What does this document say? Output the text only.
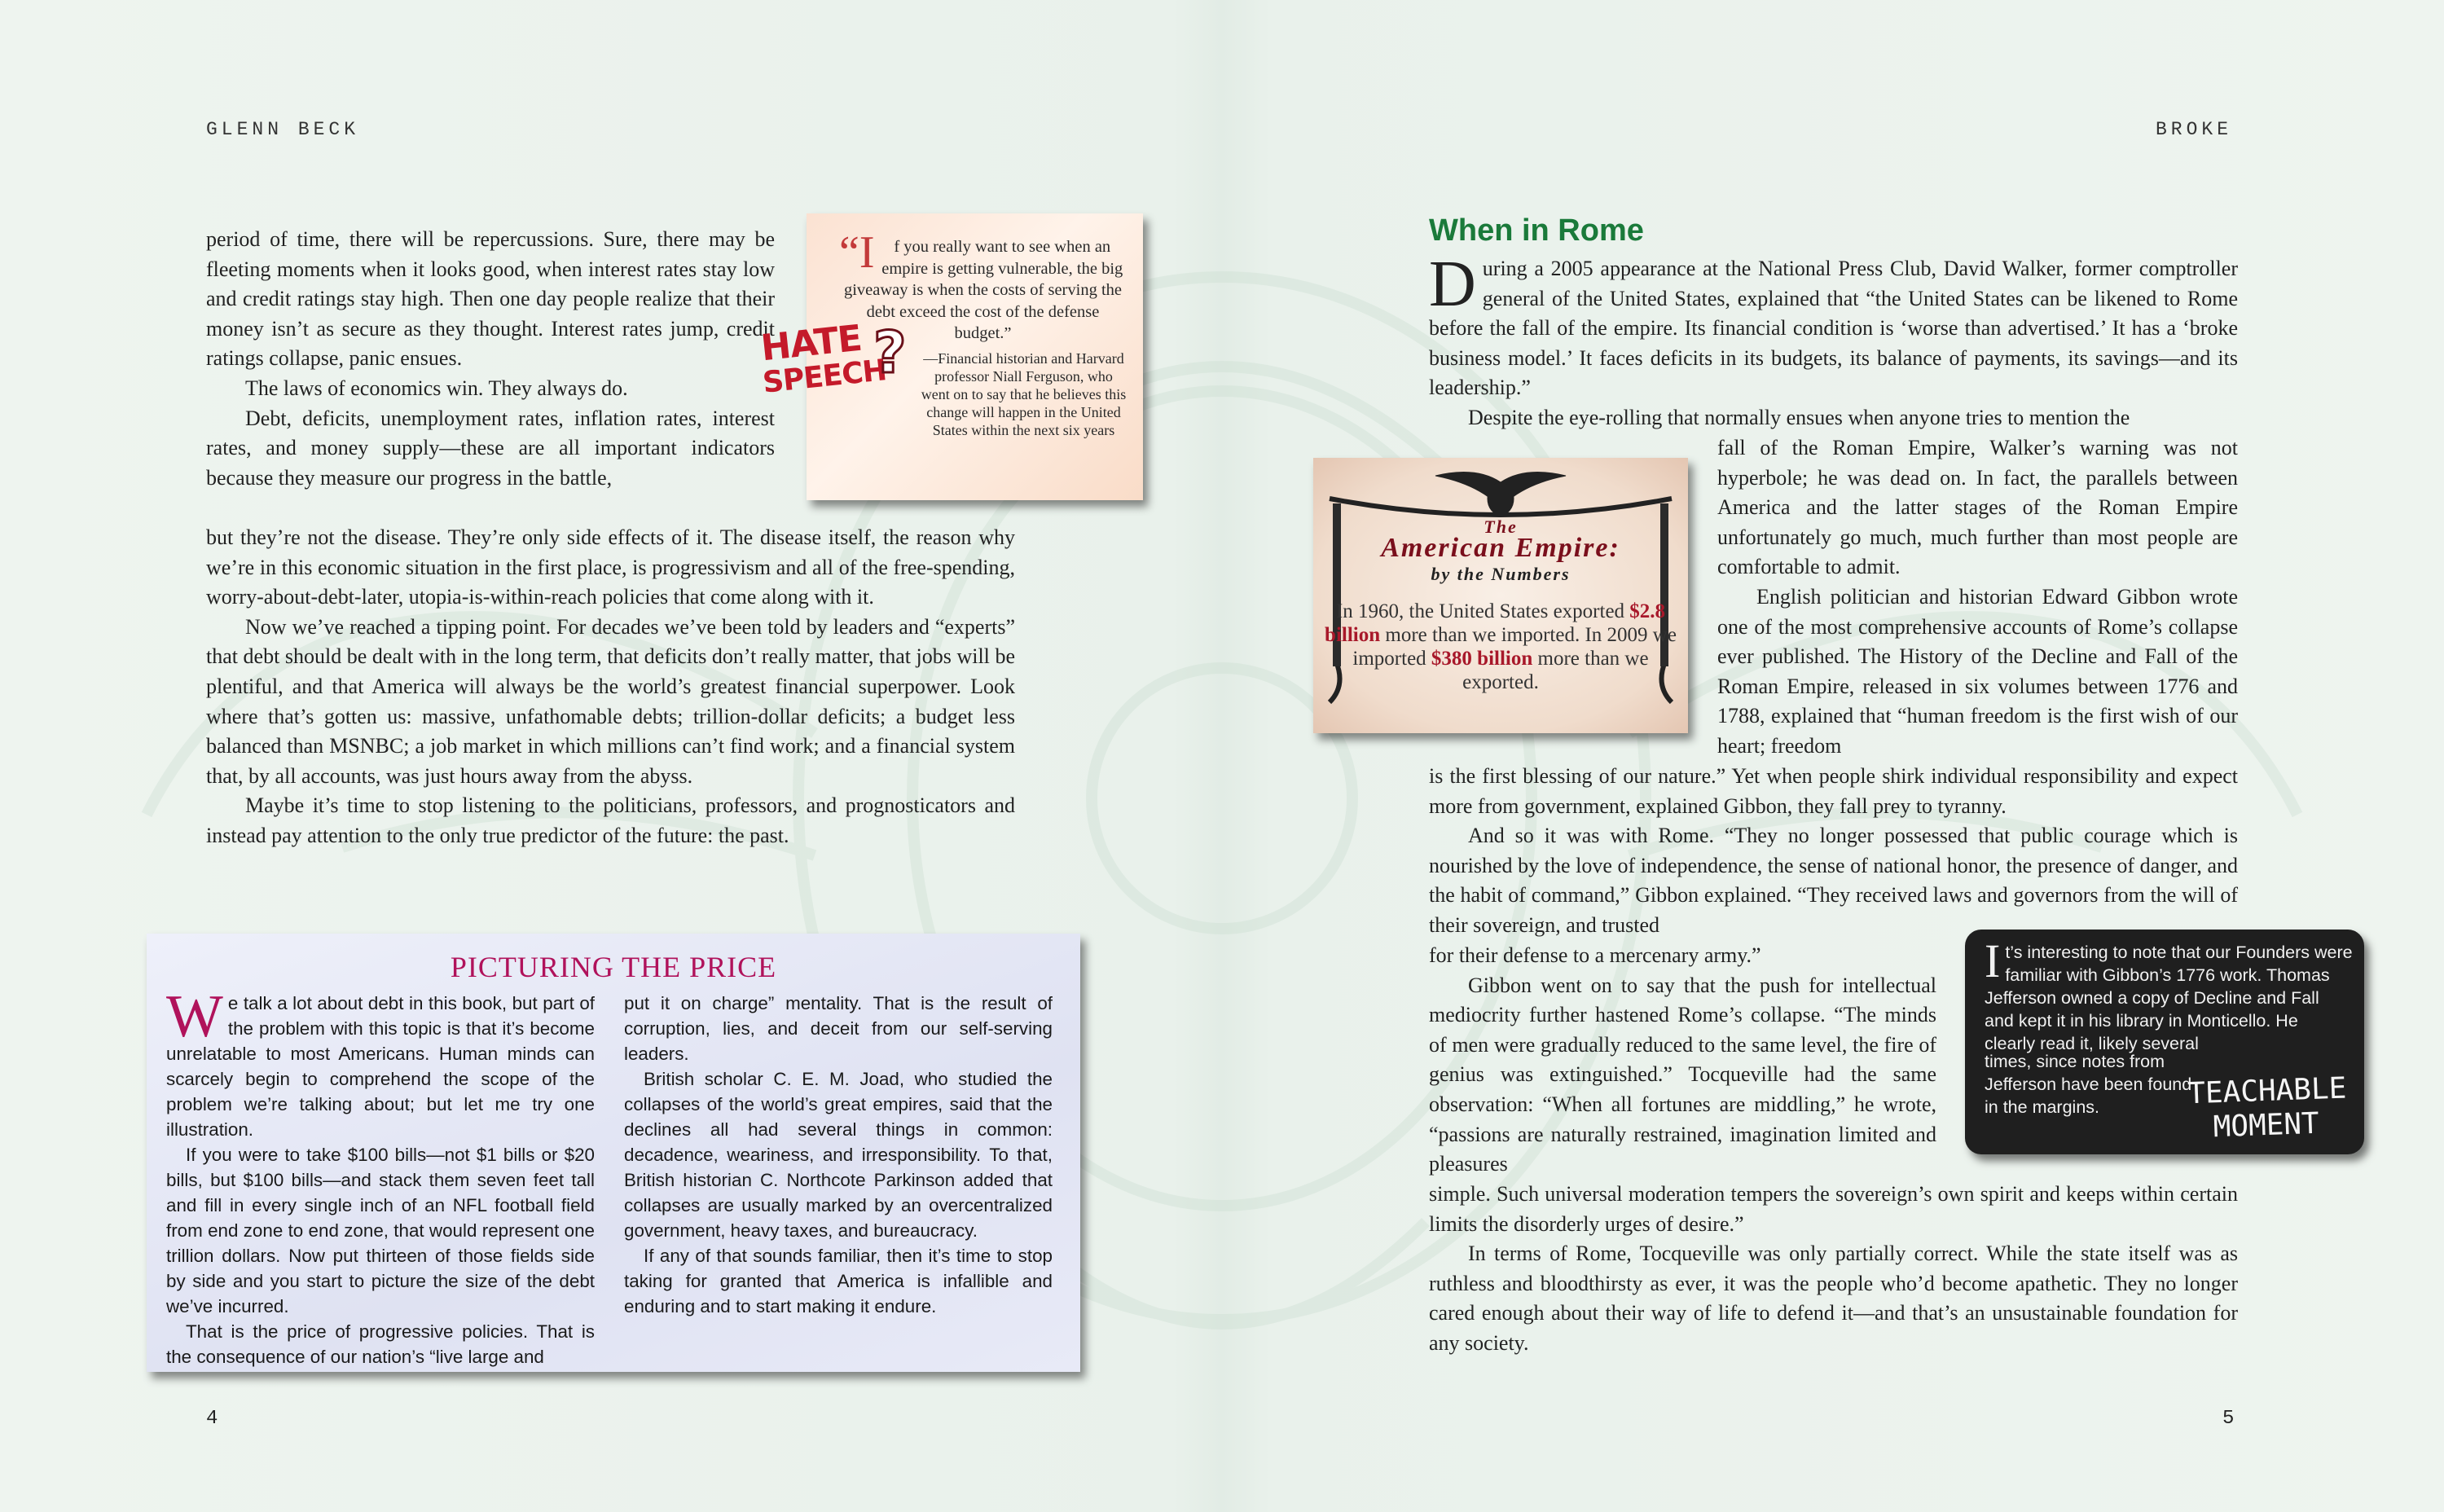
GLENN BECK	BROKE

period of time, there will be repercussions. Sure, there may be fleeting moments when it looks good, when interest rates stay low and credit ratings stay high. Then one day people realize that their money isn’t as secure as they thought. Interest rates jump, credit ratings collapse, panic ensues.

The laws of economics win. They always do.

Debt, deficits, unemployment rates, inflation rates, interest rates, and money supply—these are all important indicators because they measure our progress in the battle,

but they’re not the disease. They’re only side effects of it. The disease itself, the reason why we’re in this economic situation in the first place, is progressivism and all of the free-spending, worry-about-debt-later, utopia-is-within-reach policies that come along with it.

Now we’ve reached a tipping point. For decades we’ve been told by leaders and “experts” that debt should be dealt with in the long term, that deficits don’t really matter, that jobs will be plentiful, and that America will always be the world’s greatest financial superpower. Look where that’s gotten us: massive, unfathomable debts; trillion-dollar deficits; a budget less balanced than MSNBC; a job market in which millions can’t find work; and a financial system that, by all accounts, was just hours away from the abyss.

Maybe it’s time to stop listening to the politicians, professors, and prognosticators and instead pay attention to the only true predictor of the future: the past.

“I f you really want to see when an empire is getting vulnerable, the big giveaway is when the costs of serving the debt exceed the cost of the defense budget.”
—Financial historian and Harvard professor Niall Ferguson, who went on to say that he believes this change will happen in the United States within the next six years
HATE
SPEECH
?
PICTURING THE PRICE

We talk a lot about debt in this book, but part of the problem with this topic is that it’s become unrelatable to most Americans. Human minds can scarcely begin to comprehend the scope of the problem we’re talking about; but let me try one illustration.

If you were to take $100 bills—not $1 bills or $20 bills, but $100 bills—and stack them seven feet tall and fill in every single inch of an NFL football field from end zone to end zone, that would represent one trillion dollars. Now put thirteen of those fields side by side and you start to picture the size of the debt we’ve incurred.

That is the price of progressive policies. That is the consequence of our nation’s “live large and

put it on charge” mentality. That is the result of corruption, lies, and deceit from our self-serving leaders.

British scholar C. E. M. Joad, who studied the collapses of the world’s great empires, said that the declines all had several things in common: decadence, weariness, and irresponsibility. To that, British historian C. Northcote Parkinson added that collapses are usually marked by an overcentralized government, heavy taxes, and bureaucracy.

If any of that sounds familiar, then it’s time to stop taking for granted that America is infallible and enduring and to start making it endure.

4
When in Rome

During a 2005 appearance at the National Press Club, David Walker, former comptroller general of the United States, explained that “the United States can be likened to Rome before the fall of the empire. Its financial condition is ‘worse than advertised.’ It has a ‘broke business model.’ It faces deficits in its budgets, its balance of payments, its savings—and its leadership.”

Despite the eye-rolling that normally ensues when anyone tries to mention the

fall of the Roman Empire, Walker’s warning was not hyperbole; he was dead on. In fact, the parallels between America and the latter stages of the Roman Empire unfortunately go much, much further than most people are comfortable to admit.

English politician and historian Edward Gibbon wrote one of the most comprehensive accounts of Rome’s collapse ever published. The History of the Decline and Fall of the Roman Empire, released in six volumes between 1776 and 1788, explained that “human freedom is the first wish of our heart; freedom

is the first blessing of our nature.” Yet when people shirk individual responsibility and expect more from government, explained Gibbon, they fall prey to tyranny.

And so it was with Rome. “They no longer possessed that public courage which is nourished by the love of independence, the sense of national honor, the presence of danger, and the habit of command,” Gibbon explained. “They received laws and governors from the will of their sovereign, and trusted

for their defense to a mercenary army.”

Gibbon went on to say that the push for intellectual mediocrity further hastened Rome’s collapse. “The minds of men were gradually reduced to the same level, the fire of genius was extinguished.” Tocqueville had the same observation: “When all fortunes are middling,” he wrote, “passions are naturally restrained, imagination limited and pleasures

simple. Such universal moderation tempers the sovereign’s own spirit and keeps within certain limits the disorderly urges of desire.”

In terms of Rome, Tocqueville was only partially correct. While the state itself was as ruthless and bloodthirsty as ever, it was the people who’d become apathetic. They no longer cared enough about their way of life to defend it—and that’s an unsustainable foundation for any society.

The
American Empire:
by the Numbers
In 1960, the United States exported $2.8 billion more than we imported. In 2009 we imported $380 billion more than we exported.
It’s interesting to note that our Founders were familiar with Gibbon’s 1776 work. Thomas Jefferson owned a copy of Decline and Fall and kept it in his library in Monticello. He clearly read it, likely several
times, since notes from Jefferson have been found in the margins.	TEACHABLE MOMENT
5
